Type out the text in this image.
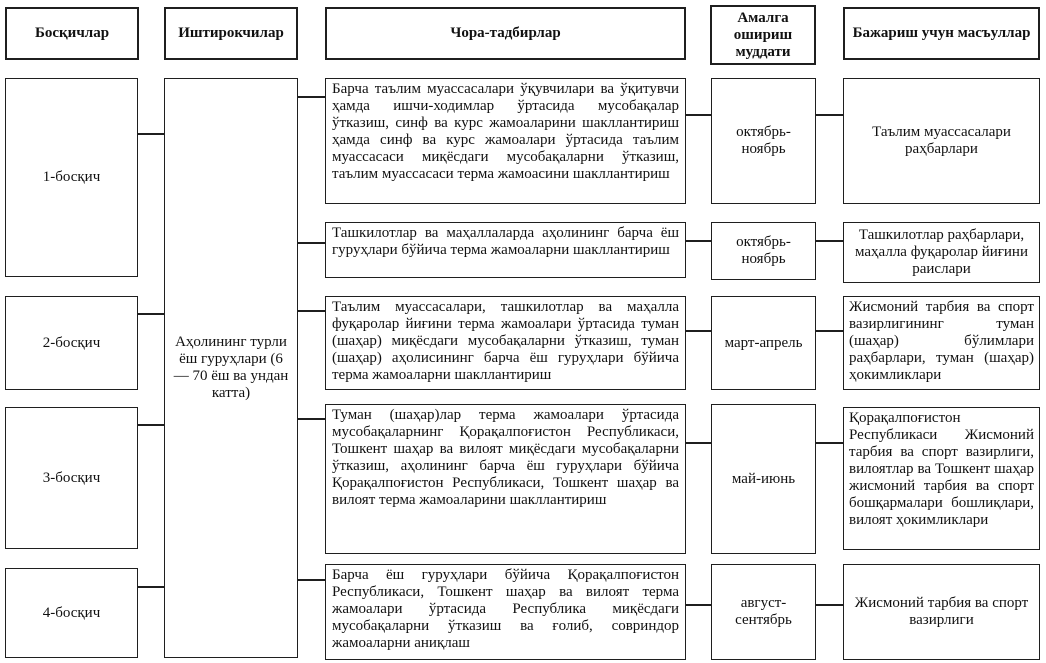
Босқичлар	Иштирокчилар	Чора-тадбирлар
Амалга ошириш муддати
Бажариш учун масъуллар
1-босқич
2-босқич
3-босқич
4-босқич
Аҳолининг турли ёш гуруҳлари (6 — 70 ёш ва ундан катта)
Барча таълим муассасалари ўқувчилари ва ўқитувчи ҳамда ишчи-ходимлар ўртасида мусобақалар ўтказиш, синф ва курс жамоаларини шакллантириш ҳамда синф ва курс жамоалари ўртасида таълим муассасаси миқёсдаги мусобақаларни ўтказиш, таълим муассасаси терма жамоасини шакллантириш
Ташкилотлар ва маҳаллаларда аҳолининг барча ёш гуруҳлари бўйича терма жамоаларни шакллантириш
Таълим муассасалари, ташкилотлар ва маҳалла фуқаролар йиғини терма жамоалари ўртасида туман (шаҳар) миқёсдаги мусобақаларни ўтказиш, туман (шаҳар) аҳолисининг барча ёш гуруҳлари бўйича терма жамоаларни шакллантириш
Туман (шаҳар)лар терма жамоалари ўртасида мусобақаларнинг Қорақалпоғистон Республикаси, Тошкент шаҳар ва вилоят миқёсдаги мусобақаларни ўтказиш, аҳолининг барча ёш гуруҳлари бўйича Қорақалпоғистон Республикаси, Тошкент шаҳар ва вилоят терма жамоаларини шакллантириш
Барча ёш гуруҳлари бўйича Қорақалпоғистон Республикаси, Тошкент шаҳар ва вилоят терма жамоалари ўртасида Республика миқёсдаги мусобақаларни ўтказиш ва ғолиб, совриндор жамоаларни аниқлаш
октябрь-ноябрь
октябрь-ноябрь
март-апрель
май-июнь
август-сентябрь
Таълим муассасалари раҳбарлари
Ташкилотлар раҳбарлари, маҳалла фуқаролар йиғини раислари
Жисмоний тарбия ва спорт вазирлигининг туман (шаҳар) бўлимлари раҳбарлари, туман (шаҳар) ҳокимликлари
Қорақалпоғистон Республикаси Жисмоний тарбия ва спорт вазирлиги, вилоятлар ва Тошкент шаҳар жисмоний тарбия ва спорт бошқармалари бошлиқлари, вилоят ҳокимликлари
Жисмоний тарбия ва спорт вазирлиги
